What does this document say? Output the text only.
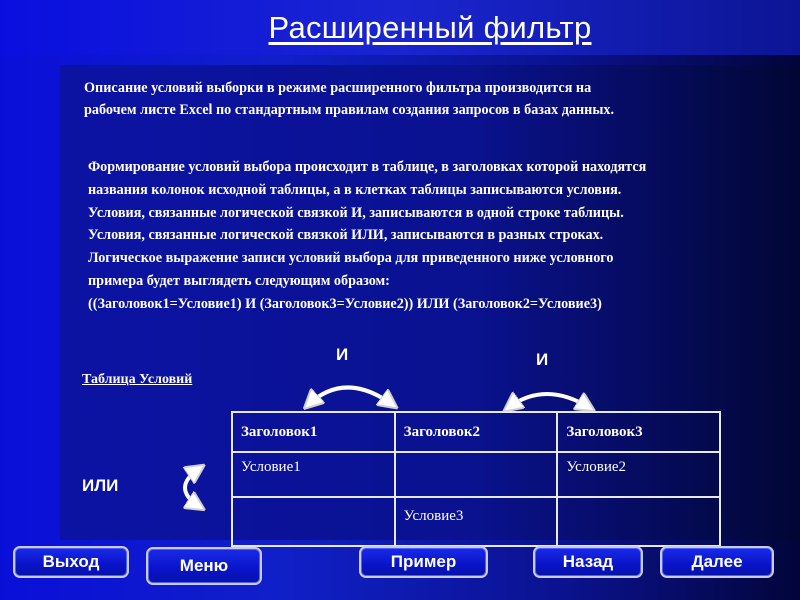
Расширенный фильтр
Описание условий выборки в режиме расширенного фильтра производится на
рабочем листе Excel по стандартным правилам создания запросов в базах данных.
Формирование условий выбора происходит в таблице, в заголовках которой находятся
названия колонок исходной таблицы, а в клетках таблицы записываются условия.
Условия, связанные логической связкой И, записываются в одной строке таблицы.
Условия, связанные логической связкой ИЛИ, записываются в разных строках.
Логическое выражение записи условий выбора для приведенного ниже условного
примера будет выглядеть следующим образом:
((Заголовок1=Условие1) И (Заголовок3=Условие2)) ИЛИ (Заголовок2=Условие3)
И	И
ИЛИ
Таблица Условий
Заголовок1	Заголовок2	Заголовок3
Условие1		Условие2
	Условие3	
Выход	Меню	Пример	Назад	Далее
